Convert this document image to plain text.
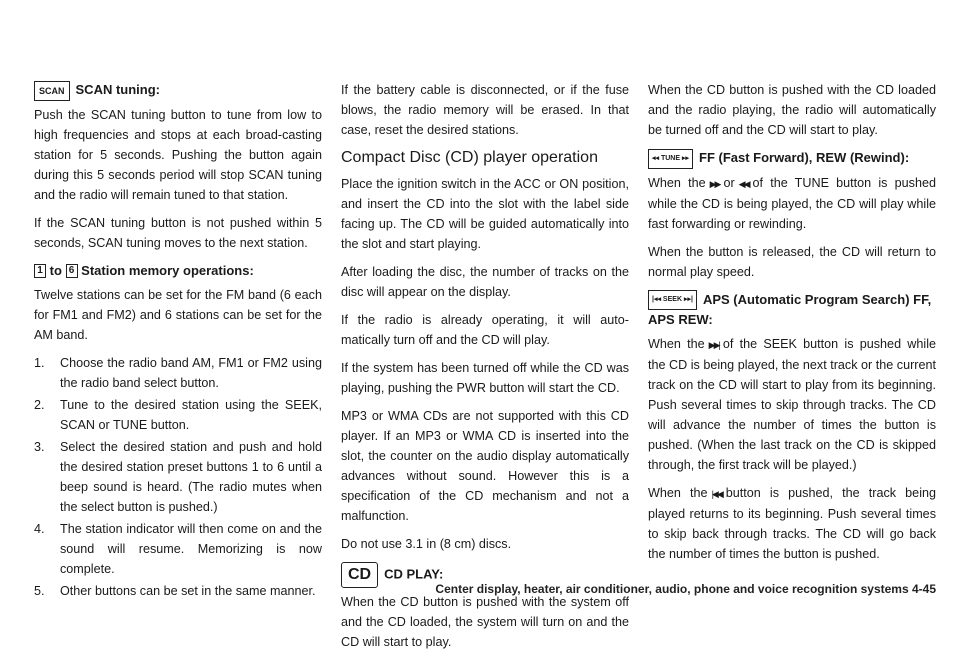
SCAN SCAN tuning:

Push the SCAN tuning button to tune from low to high frequencies and stops at each broad-casting station for 5 seconds. Pushing the button again during this 5 seconds period will stop SCAN tuning and the radio will remain tuned to that station.

If the SCAN tuning button is not pushed within 5 seconds, SCAN tuning moves to the next station.

1 to 6 Station memory operations:

Twelve stations can be set for the FM band (6 each for FM1 and FM2) and 6 stations can be set for the AM band.

1. Choose the radio band AM, FM1 or FM2 using the radio band select button.
2. Tune to the desired station using the SEEK, SCAN or TUNE button.
3. Select the desired station and push and hold the desired station preset buttons 1 to 6 until a beep sound is heard. (The radio mutes when the select button is pushed.)
4. The station indicator will then come on and the sound will resume. Memorizing is now complete.
5. Other buttons can be set in the same manner.

If the battery cable is disconnected, or if the fuse blows, the radio memory will be erased. In that case, reset the desired stations.

Compact Disc (CD) player operation

Place the ignition switch in the ACC or ON position, and insert the CD into the slot with the label side facing up. The CD will be guided automatically into the slot and start playing.

After loading the disc, the number of tracks on the disc will appear on the display.

If the radio is already operating, it will auto-matically turn off and the CD will play.

If the system has been turned off while the CD was playing, pushing the PWR button will start the CD.

MP3 or WMA CDs are not supported with this CD player. If an MP3 or WMA CD is inserted into the slot, the counter on the audio display automatically advances without sound. However this is a specification of the CD mechanism and not a malfunction.

Do not use 3.1 in (8 cm) discs.

CD CD PLAY:

When the CD button is pushed with the system off and the CD loaded, the system will turn on and the CD will start to play.

When the CD button is pushed with the CD loaded and the radio playing, the radio will automatically be turned off and the CD will start to play.

◂◂ TUNE ▸▸ FF (Fast Forward), REW (Rewind):

When the ▶▶ or ◀◀ of the TUNE button is pushed while the CD is being played, the CD will play while fast forwarding or rewinding.

When the button is released, the CD will return to normal play speed.

|◂◂ SEEK ▸▸| APS (Automatic Program Search) FF, APS REW:

When the ▶▶| of the SEEK button is pushed while the CD is being played, the next track or the current track on the CD will start to play from its beginning. Push several times to skip through tracks. The CD will advance the number of times the button is pushed. (When the last track on the CD is skipped through, the first track will be played.)

When the |◀◀ button is pushed, the track being played returns to its beginning. Push several times to skip back through tracks. The CD will go back the number of times the button is pushed.

Center display, heater, air conditioner, audio, phone and voice recognition systems 4-45
